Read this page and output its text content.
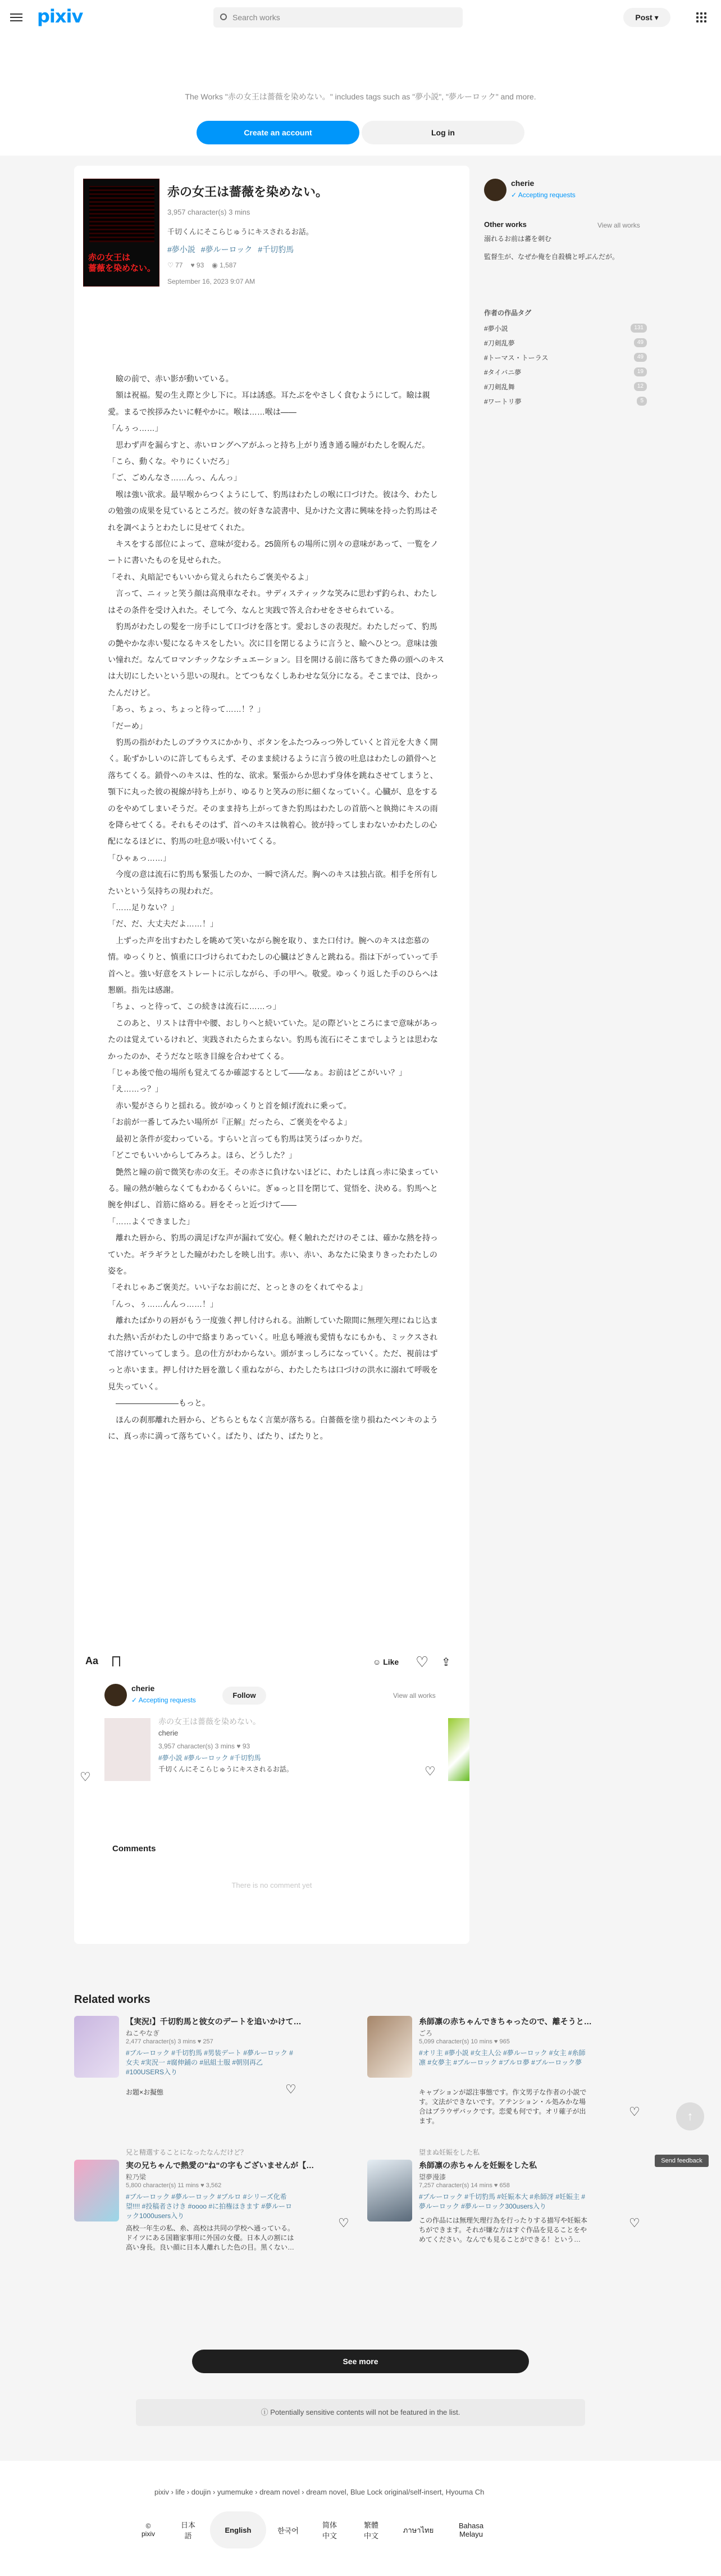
pixiv	Search works	Post ▾

The Works "赤の女王は薔薇を染めない。" includes tags such as "夢小説", "夢ルーロック" and more.

Create an account	Log in
赤の女王は
薔薇を染めない。
赤の女王は薔薇を染めない。
3,957 character(s) 3 mins
千切くんにそこらじゅうにキスされるお話。
#夢小説 #夢ルーロック #千切豹馬
♡ 77 ♥ 93 ◉ 1,587
September 16, 2023 9:07 AM

　瞼の前で、赤い影が動いている。

　額は祝福。髪の生え際と少し下に。耳は誘惑。耳たぶをやさしく食むようにして。瞼は親愛。まるで挨拶みたいに軽やかに。喉は……喉は――

「んぅっ……」

　思わず声を漏らすと、赤いロングヘアがふっと持ち上がり透き通る瞳がわたしを睨んだ。

「こら、動くな。やりにくいだろ」

「ご、ごめんなさ……んっ、んんっ」

　喉は強い欲求。最早喉からつくようにして、豹馬はわたしの喉に口づけた。彼は今、わたしの勉強の成果を見ているところだ。彼の好きな読書中、見かけた文書に興味を持った豹馬はそれを調べようとわたしに見せてくれた。

　キスをする部位によって、意味が変わる。25箇所もの場所に別々の意味があって、一覧をノートに書いたものを見せられた。

「それ、丸暗記でもいいから覚えられたらご褒美やるよ」

　言って、ニィッと笑う顔は高飛車なそれ。サディスティックな笑みに思わず釣られ、わたしはその条件を受け入れた。そして今、なんと実践で答え合わせをさせられている。

　豹馬がわたしの髪を一房手にして口づけを落とす。愛おしさの表現だ。わたしだって、豹馬の艶やかな赤い髪になるキスをしたい。次に目を閉じるように言うと、瞼へひとつ。意味は強い憧れだ。なんてロマンチックなシチュエーション。目を開ける前に落ちてきた鼻の頭へのキスは大切にしたいという思いの現れ。とてつもなくしあわせな気分になる。そこまでは、良かったんだけど。

「あっ、ちょっ、ちょっと待って……！？」

「だーめ」

　豹馬の指がわたしのブラウスにかかり、ボタンをふたつみっつ外していくと首元を大きく開く。恥ずかしいのに許してもらえず、そのまま続けるように言う彼の吐息はわたしの鎖骨へと落ちてくる。鎖骨へのキスは、性的な、欲求。緊張からか思わず身体を跳ねさせてしまうと、顎下に丸った彼の視線が持ち上がり、ゆるりと笑みの形に細くなっていく。心臓が、息をするのをやめてしまいそうだ。そのまま持ち上がってきた豹馬はわたしの首筋へと執拗にキスの雨を降らせてくる。それもそのはず、首へのキスは執着心。彼が持ってしまわないかわたしの心配になるほどに、豹馬の吐息が吸い付いてくる。

「ひゃぁっ……」

　今度の意は流石に豹馬も緊張したのか、一瞬で済んだ。胸へのキスは独占欲。相手を所有したいという気持ちの現われだ。

「……足りない？」

「だ、だ、大丈夫だよ……！」

　上ずった声を出すわたしを眺めて笑いながら腕を取り、また口付け。腕へのキスは恋慕の情。ゆっくりと、慎重に口づけられてわたしの心臓はどきんと跳ねる。指は下がっていって手首へと。強い好意をストレートに示しながら、手の甲へ。敬愛。ゆっくり返した手のひらへは懇願。指先は感謝。

「ちょ、っと待って、この続きは流石に……っ」

　このあと、リストは背中や腰、おしりへと続いていた。足の際どいところにまで意味があったのは覚えているけれど、実践されたらたまらない。豹馬も流石にそこまでしようとは思わなかったのか、そうだなと呟き目線を合わせてくる。

「じゃあ後で他の場所も覚えてるか確認するとして――なぁ。お前はどこがいい？」

「え……っ？」

　赤い髪がさらりと揺れる。彼がゆっくりと首を傾げ流れに乗って。

「お前が一番してみたい場所が『正解』だったら、ご褒美をやるよ」

　最初と条件が変わっている。すらいと言っても豹馬は笑うばっかりだ。

「どこでもいいからしてみろよ。ほら、どうした？」

　艶然と瞳の前で微笑む赤の女王。その赤さに負けないほどに、わたしは真っ赤に染まっている。瞳の熱が触らなくてもわかるくらいに。ぎゅっと目を閉じて、覚悟を、決める。豹馬へと腕を伸ばし、首筋に絡める。唇をそっと近づけて――

「……よくできました」

　離れた唇から、豹馬の満足げな声が漏れて安心。軽く触れただけのそこは、確かな熱を持っていた。ギラギラとした瞳がわたしを映し出す。赤い、赤い、あなたに染まりきったわたしの姿を。

「それじゃあご褒美だ。いい子なお前にだ、とっときのをくれてやるよ」

「んっ、ぅ……んんっ……！」

　離れたばかりの唇がもう一度強く押し付けられる。油断していた隙間に無理矢理にねじ込まれた熱い舌がわたしの中で絡まりあっていく。吐息も唾液も愛情もなにもかも、ミックスされて溶けていってしまう。息の仕方がわからない。頭がまっしろになっていく。ただ、視前はずっと赤いまま。押し付けた唇を激しく重ねながら、わたしたちは口づけの洪水に溺れて呼吸を見失っていく。

　――――――――もっと。

　ほんの刹那離れた唇から、どちらともなく言葉が落ちる。白薔薇を塗り損ねたペンキのように、真っ赤に満って落ちていく。ぱたり、ぱたり、ぱたりと。

Aa	☺ Like	♡ ⇪
cherie
✓ Accepting requests
Follow	View all works
赤の女王は薔薇を染めない。
cherie
3,957 character(s) 3 mins ♥ 93
#夢小説 #夢ルーロック #千切豹馬
千切くんにそこらじゅうにキスされるお話。
♡	♡
Comments
There is no comment yet
cherie
✓ Accepting requests
Other works	View all works
溺れるお前は蕃を刺む
監督生が、なぜか俺を自殺橋と呼ぶんだが。
作者の作品タグ
#夢小説	131
#刀剣乱夢	49
#トーマス・トーラス	49
#タイバニ夢	19
#刀剣乱舞	12
#ワートリ夢	5
Related works
【実況!】千切豹馬と彼女のデートを追いかけて…
ねこやなぎ
2,477 character(s) 3 mins ♥ 257
#ブルーロック #千切豹馬 #男装デート #夢ルーロック #女夫 #実況一 #腐伸鋪の #凪組士服 #朝別再乙 #100USERS入り
お題×お擬態	♡
糸師凛の赤ちゃんできちゃったので、離そうと…
ごろ
5,099 character(s) 10 mins ♥ 965
#オリ主 #夢小説 #女主人公 #夢ルーロック #女主 #糸師凛 #女夢主 #ブルーロック #ブルロ夢 #ブルーロック夢
キャプションが認注事態です。作文男子な作者の小説です。文法ができないです。アテンション・ル処みかな場合はブラウザバックです。恋愛も何です。オリ確子が出ます。
♡
兄と精選することになったなんだけど？
実の兄ちゃんで熱愛の"ね"の字もございませんが【…
粒乃梁
5,800 character(s) 11 mins ♥ 3,562
#ブルーロック #夢ルーロック #ブルロ #シリーズ化希望!!!! #投稿者さけき #oooo #に拍権ほきます #夢ルーロック1000users入り
高校一年生の私、糸、高校は共同の学校へ通っている。ドイツにある国籍家事用に外国の女優。日本人の割には高い身長。良い顔に日本人離れした色の目。黒くない…
♡
望まぬ妊娠をした私
糸師凛の赤ちゃんを妊娠をした私
望夢漫漆
7,257 character(s) 14 mins ♥ 658
#ブルーロック #千切豹馬 #妊娠本大 #糸師冴 #妊娠主 #夢ルーロック #夢ルーロック300users入り
この作品には無理矢理行為を行ったりする描写や妊娠本ちができます。それが嫌な方はすぐ作品を見ることをやめてください。なんでも見ることができる！という…
♡
↑
Send feedback
See more
ⓘ Potentially sensitive contents will not be featured in the list.
pixiv › life › doujin › yumemuke › dream novel › dream novel, Blue Lock original/self-insert, Hyouma Ch
© pixiv
日本語
English	한국어
简体中文
繁體中文
ภาษาไทย	Bahasa Melayu
